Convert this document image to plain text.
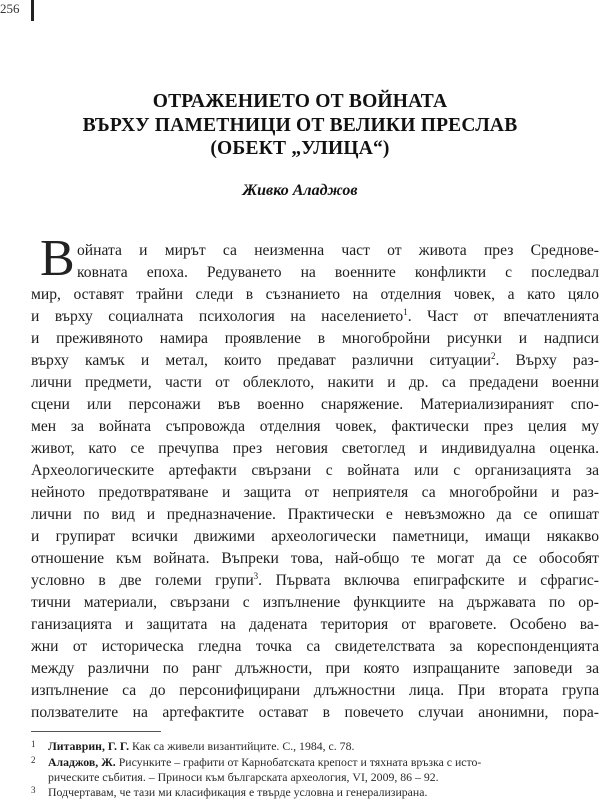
256
ОТРАЖЕНИЕТО ОТ ВОЙНАТА
ВЪРХУ ПАМЕТНИЦИ ОТ ВЕЛИКИ ПРЕСЛАВ
(ОБЕКТ „УЛИЦА“)
Живко Аладжов
В ойната и мирът са неизменна част от живота през Среднове-
ковната епоха. Редуването на военните конфликти с последвал
мир, оставят трайни следи в съзнанието на отделния човек, а като цяло
и върху социалната психология на населението$^1$. Част от впечатленията
и преживяното намира проявление в многобройни рисунки и надписи
върху камък и метал, които предават различни ситуации$^2$. Върху раз-
лични предмети, части от облеклото, накити и др. са предадени военни
сцени или персонажи във военно снаряжение. Материализираният спо-
мен за войната съпровожда отделния човек, фактически през целия му
живот, като се пречупва през неговия светоглед и индивидуална оценка.
Археологическите артефакти свързани с войната или с организацията за
нейното предотвратяване и защита от неприятеля са многобройни и раз-
лични по вид и предназначение. Практически е невъзможно да се опишат
и групират всички движими археологически паметници, имащи някакво
отношение към войната. Въпреки това, най-общо те могат да се обособят
условно в две големи групи$^3$. Първата включва епиграфските и сфрагис-
тични материали, свързани с изпълнение функциите на държавата по ор-
ганизацията и защитата на дадената територия от враговете. Особено ва-
жни от историческа гледна точка са свидетелствата за кореспонденцията
между различни по ранг длъжности, при която изпращаните заповеди за
изпълнение са до персонифицирани длъжностни лица. При втората група
ползвателите на артефактите остават в повечето случаи анонимни, пора-
1 Литаврин, Г. Г. Как са живели византийците. С., 1984, с. 78.
2 Аладжов, Ж. Рисунките – графити от Карнобатската крепост и тяхната връзка с исто-
рическите събития. – Приноси към българската археология, VI, 2009, 86 – 92.
3 Подчертавам, че тази ми класификация е твърде условна и генерализирана.
